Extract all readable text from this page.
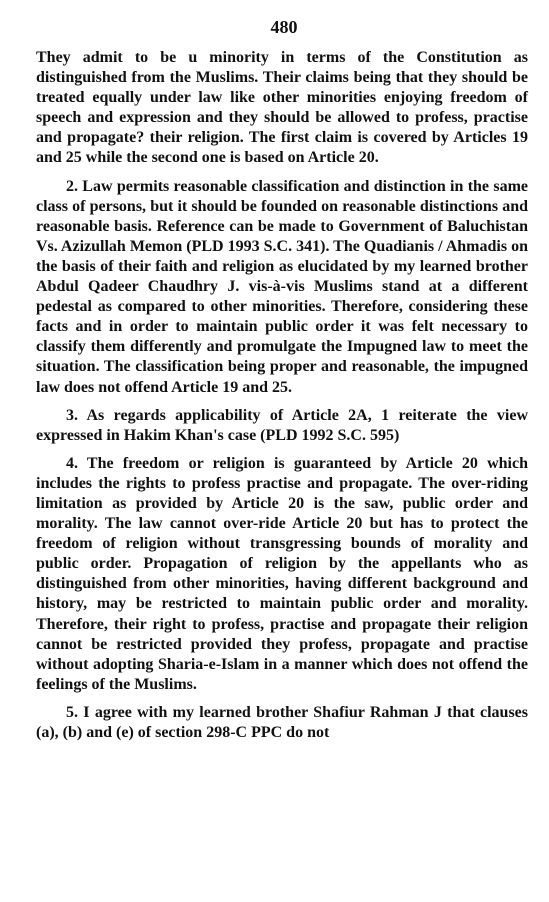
480

They admit to be u minority in terms of the Constitution as distinguished from the Muslims. Their claims being that they should be treated equally under law like other minorities enjoying freedom of speech and expression and they should be allowed to profess, practise and propagate? their religion. The first claim is covered by Articles 19 and 25 while the second one is based on Article 20.

2. Law permits reasonable classification and distinction in the same class of persons, but it should be founded on reasonable distinctions and reasonable basis. Reference can be made to Government of Baluchistan Vs. Azizullah Memon (PLD 1993 S.C. 341). The Quadianis / Ahmadis on the basis of their faith and religion as elucidated by my learned brother Abdul Qadeer Chaudhry J. vis-à-vis Muslims stand at a different pedestal as compared to other minorities. Therefore, considering these facts and in order to maintain public order it was felt necessary to classify them differently and promulgate the Impugned law to meet the situation. The classification being proper and reasonable, the impugned law does not offend Article 19 and 25.

3. As regards applicability of Article 2A, 1 reiterate the view expressed in Hakim Khan's case (PLD 1992 S.C. 595)

4. The freedom or religion is guaranteed by Article 20 which includes the rights to profess practise and propagate. The over-riding limitation as provided by Article 20 is the saw, public order and morality. The law cannot over-ride Article 20 but has to protect the freedom of religion without transgressing bounds of morality and public order. Propagation of religion by the appellants who as distinguished from other minorities, having different background and history, may be restricted to maintain public order and morality. Therefore, their right to profess, practise and propagate their religion cannot be restricted provided they profess, propagate and practise without adopting Sharia-e-Islam in a manner which does not offend the feelings of the Muslims.

5. I agree with my learned brother Shafiur Rahman J that clauses (a), (b) and (e) of section 298-C PPC do not
